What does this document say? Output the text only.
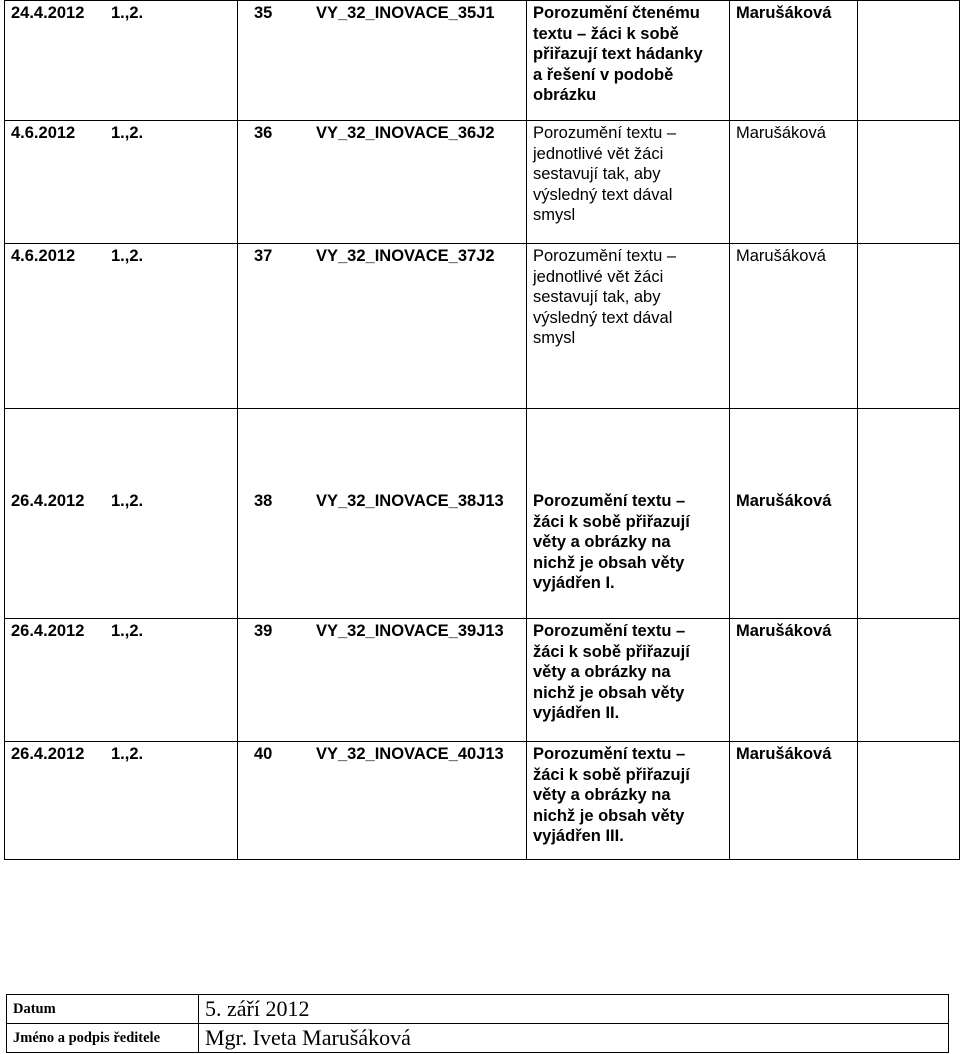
24.4.2012 1.,2.	35 VY_32_INOVACE_35J1	Porozumění čtenému
textu – žáci k sobě
přiřazují text hádanky
a řešení v podobě
obrázku	Marušáková	

4.6.2012 1.,2.	36 VY_32_INOVACE_36J2	Porozumění textu –
jednotlivé vět žáci
sestavují tak, aby
výsledný text dával
smysl	Marušáková	

4.6.2012 1.,2.	37 VY_32_INOVACE_37J2	Porozumění textu –
jednotlivé vět žáci
sestavují tak, aby
výsledný text dával
smysl	Marušáková	

26.4.2012 1.,2.	38 VY_32_INOVACE_38J13	Porozumění textu –
žáci k sobě přiřazují
věty a obrázky na
nichž je obsah věty
vyjádřen I.	Marušáková	

26.4.2012 1.,2.	39 VY_32_INOVACE_39J13	Porozumění textu –
žáci k sobě přiřazují
věty a obrázky na
nichž je obsah věty
vyjádřen II.	Marušáková	

26.4.2012 1.,2.	40 VY_32_INOVACE_40J13	Porozumění textu –
žáci k sobě přiřazují
věty a obrázky na
nichž je obsah věty
vyjádřen III.	Marušáková	
Datum	5. září 2012
Jméno a podpis ředitele	Mgr. Iveta Marušáková
